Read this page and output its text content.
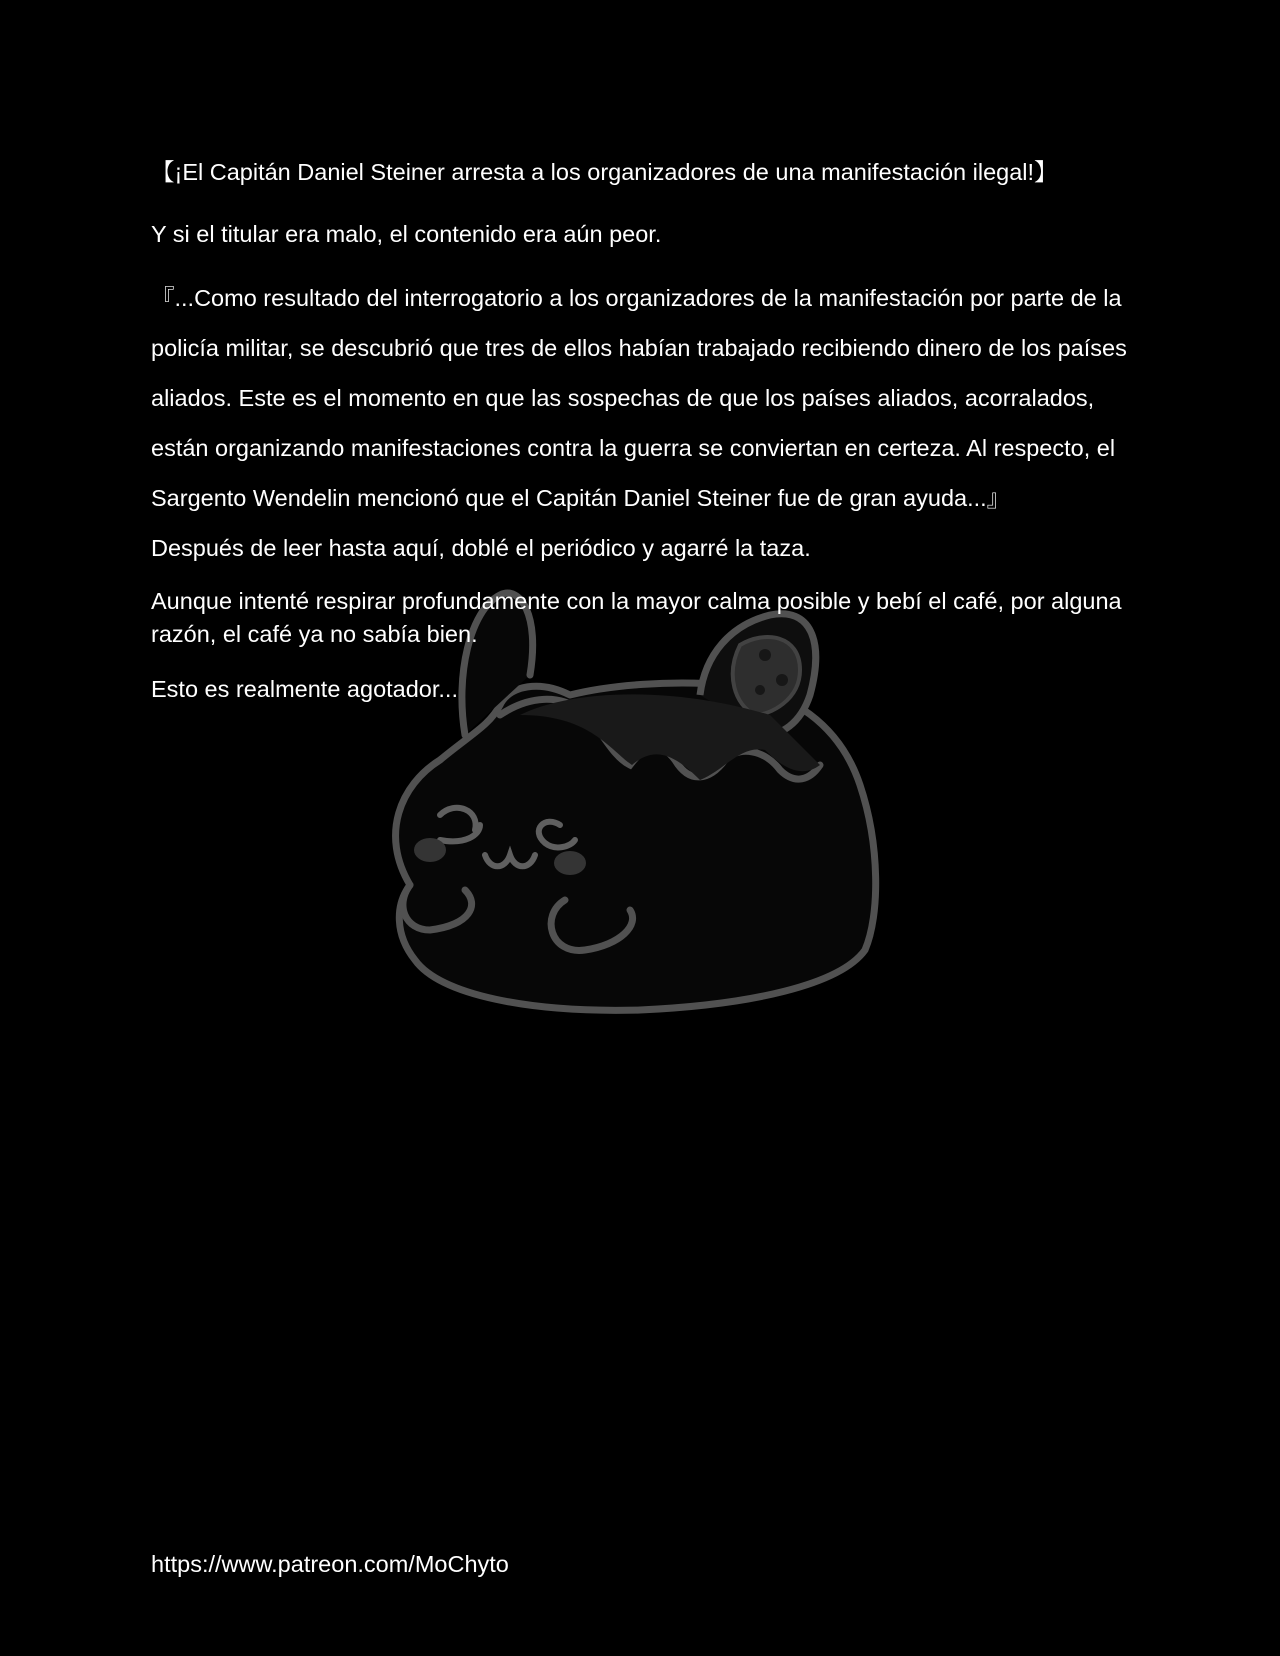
【¡El Capitán Daniel Steiner arresta a los organizadores de una manifestación ilegal!】

Y si el titular era malo, el contenido era aún peor.

『...Como resultado del interrogatorio a los organizadores de la manifestación por parte de la policía militar, se descubrió que tres de ellos habían trabajado recibiendo dinero de los países aliados. Este es el momento en que las sospechas de que los países aliados, acorralados, están organizando manifestaciones contra la guerra se conviertan en certeza. Al respecto, el Sargento Wendelin mencionó que el Capitán Daniel Steiner fue de gran ayuda...』

Después de leer hasta aquí, doblé el periódico y agarré la taza.

Aunque intenté respirar profundamente con la mayor calma posible y bebí el café, por alguna razón, el café ya no sabía bien.

Esto es realmente agotador...

https://www.patreon.com/MoChyto
